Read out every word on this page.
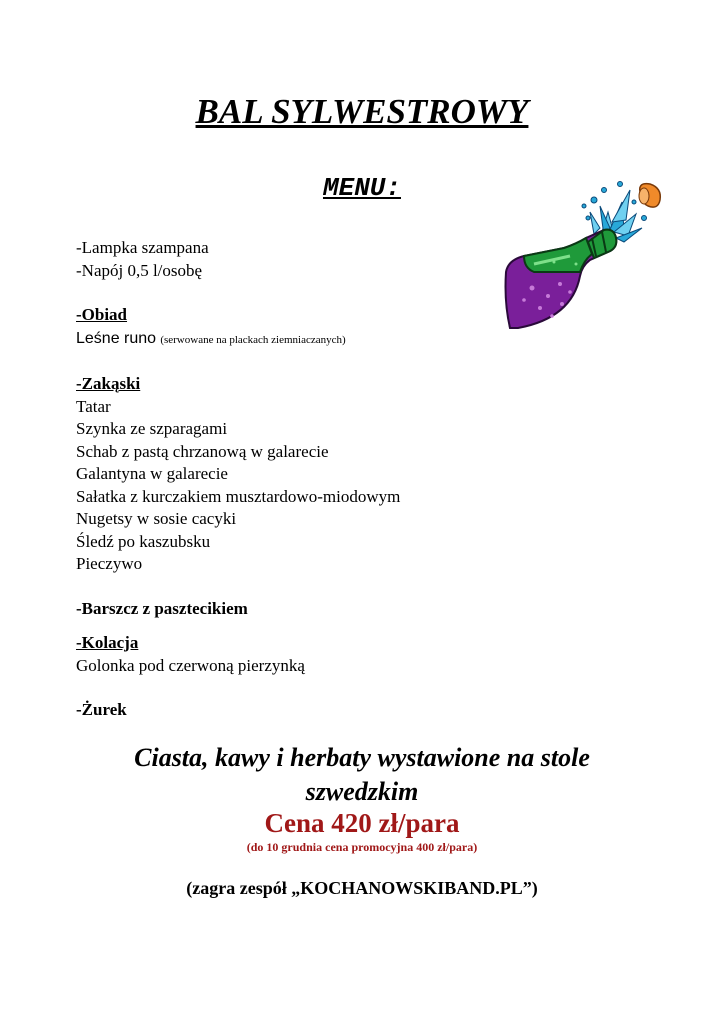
BAL SYLWESTROWY
MENU:
-Lampka szampana
-Napój 0,5 l/osobę
-Obiad
Leśne runo (serwowane na plackach ziemniaczanych)
-Zakąski
Tatar
Szynka ze szparagami
Schab z pastą chrzanową w galarecie
Galantyna w galarecie
Sałatka z kurczakiem musztardowo-miodowym
Nugetsy w sosie cacyki
Śledź po kaszubsku
Pieczywo
-Barszcz z pasztecikiem
-Kolacja
Golonka pod czerwoną pierzynką
-Żurek
Ciasta, kawy i herbaty wystawione na stole
szwedzkim
Cena 420 zł/para
(do 10 grudnia cena promocyjna 400 zł/para)
(zagra zespół „KOCHANOWSKIBAND.PL”)
